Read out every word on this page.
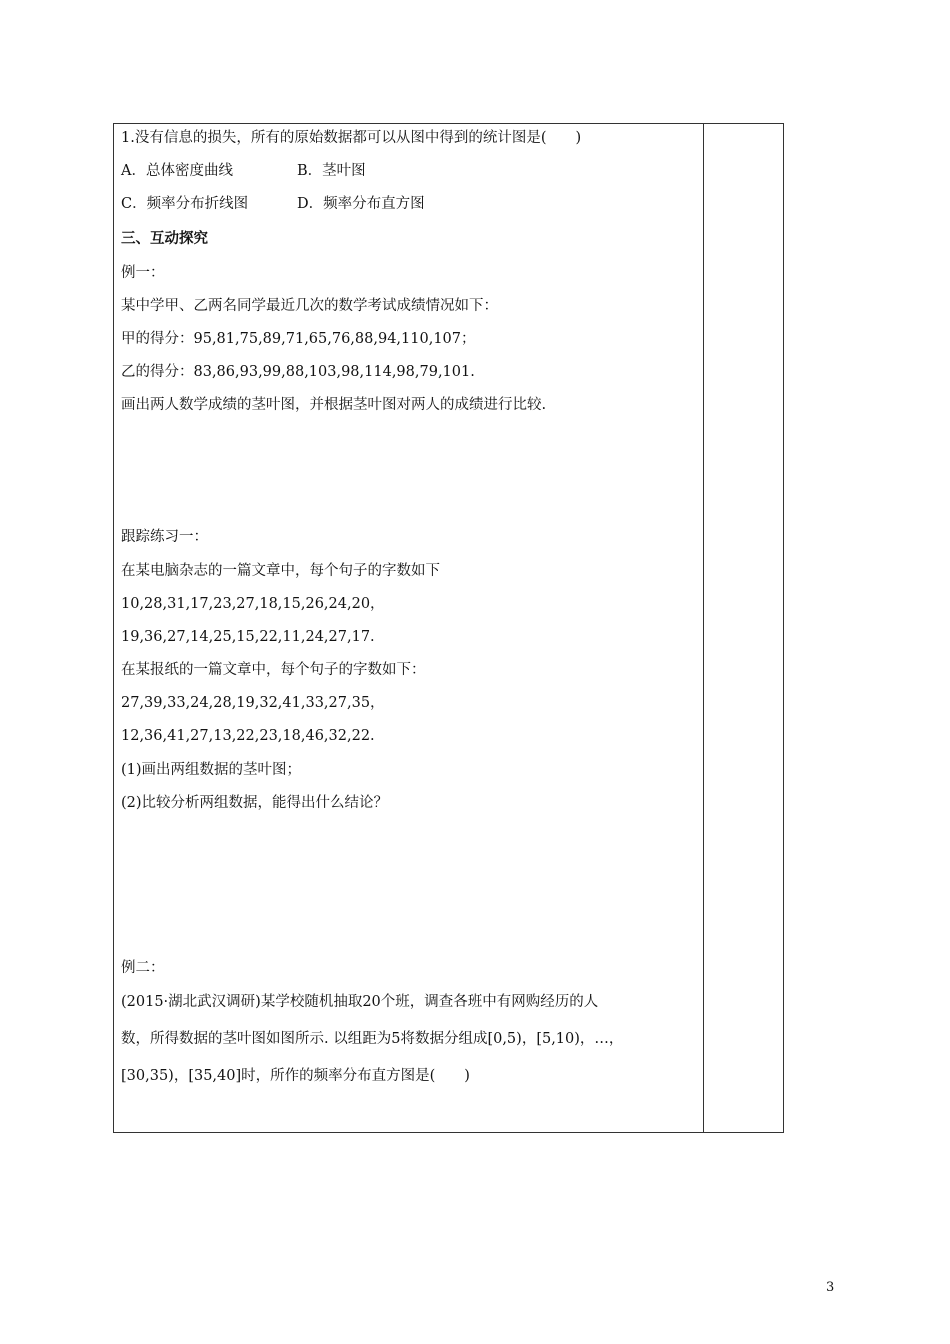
1.没有信息的损失，所有的原始数据都可以从图中得到的统计图是(　　)
A．总体密度曲线	B．茎叶图
C．频率分布折线图	D．频率分布直方图
三、互动探究
例一：
某中学甲、乙两名同学最近几次的数学考试成绩情况如下：
甲的得分：95,81,75,89,71,65,76,88,94,110,107；
乙的得分：83,86,93,99,88,103,98,114,98,79,101.
画出两人数学成绩的茎叶图，并根据茎叶图对两人的成绩进行比较.
跟踪练习一：
在某电脑杂志的一篇文章中，每个句子的字数如下
10,28,31,17,23,27,18,15,26,24,20，
19,36,27,14,25,15,22,11,24,27,17.
在某报纸的一篇文章中，每个句子的字数如下：
27,39,33,24,28,19,32,41,33,27,35，
12,36,41,27,13,22,23,18,46,32,22.
(1)画出两组数据的茎叶图；
(2)比较分析两组数据，能得出什么结论？
例二：
(2015·湖北武汉调研)某学校随机抽取20个班，调查各班中有网购经历的人
数，所得数据的茎叶图如图所示. 以组距为5将数据分组成[0,5)，[5,10)，…，
[30,35)，[35,40]时，所作的频率分布直方图是(　　)
3
